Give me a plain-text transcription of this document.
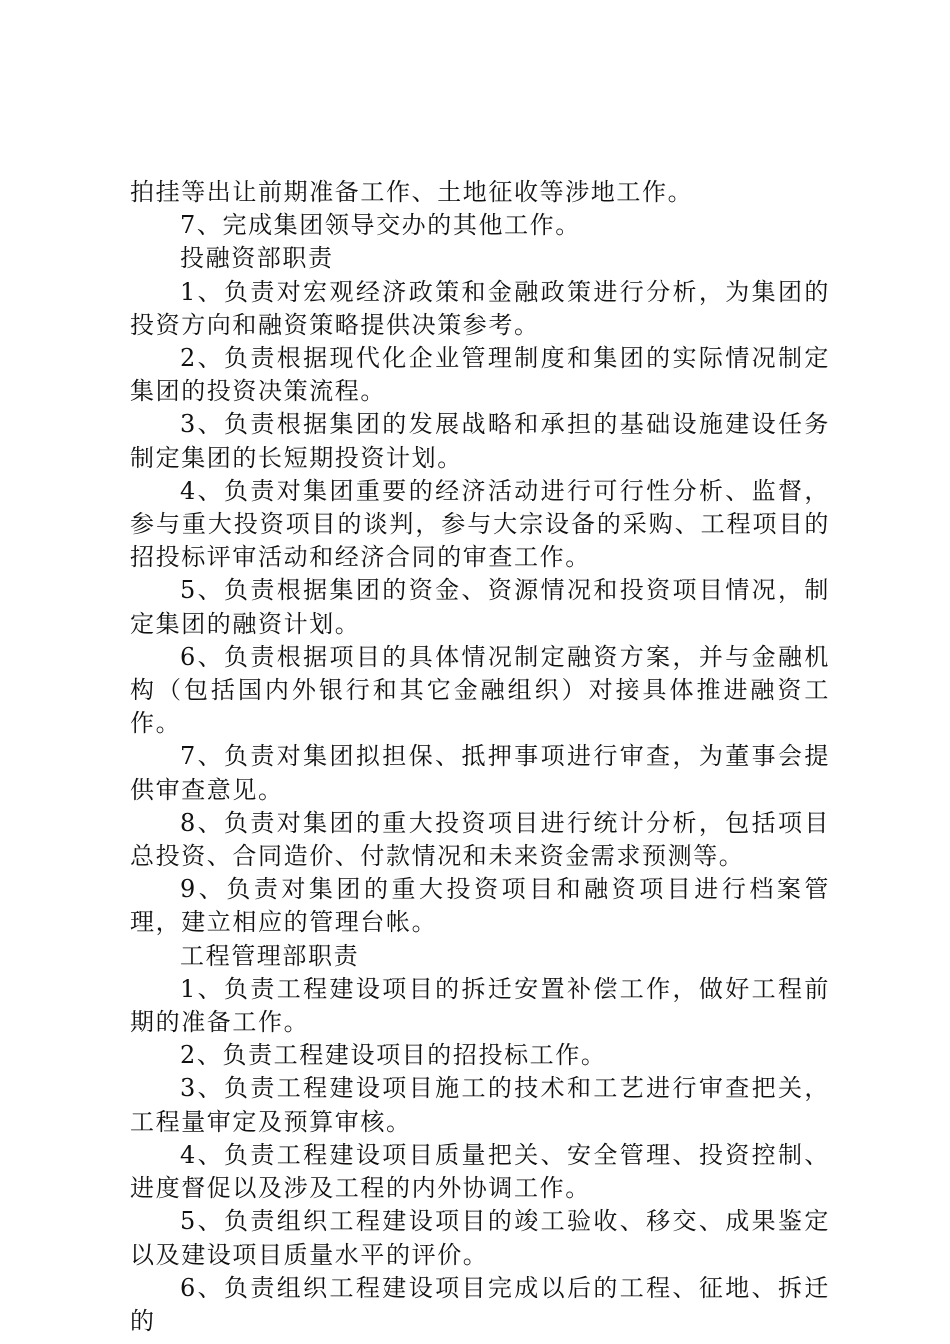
拍挂等出让前期准备工作、土地征收等涉地工作。

7、完成集团领导交办的其他工作。

投融资部职责

1、负责对宏观经济政策和金融政策进行分析，为集团的投资方向和融资策略提供决策参考。

2、负责根据现代化企业管理制度和集团的实际情况制定集团的投资决策流程。

3、负责根据集团的发展战略和承担的基础设施建设任务制定集团的长短期投资计划。

4、负责对集团重要的经济活动进行可行性分析、监督，参与重大投资项目的谈判，参与大宗设备的采购、工程项目的招投标评审活动和经济合同的审查工作。

5、负责根据集团的资金、资源情况和投资项目情况，制定集团的融资计划。

6、负责根据项目的具体情况制定融资方案，并与金融机构（包括国内外银行和其它金融组织）对接具体推进融资工作。

7、负责对集团拟担保、抵押事项进行审查，为董事会提供审查意见。

8、负责对集团的重大投资项目进行统计分析，包括项目总投资、合同造价、付款情况和未来资金需求预测等。

9、负责对集团的重大投资项目和融资项目进行档案管理，建立相应的管理台帐。

工程管理部职责

1、负责工程建设项目的拆迁安置补偿工作，做好工程前期的准备工作。

2、负责工程建设项目的招投标工作。

3、负责工程建设项目施工的技术和工艺进行审查把关，工程量审定及预算审核。

4、负责工程建设项目质量把关、安全管理、投资控制、进度督促以及涉及工程的内外协调工作。

5、负责组织工程建设项目的竣工验收、移交、成果鉴定以及建设项目质量水平的评价。

6、负责组织工程建设项目完成以后的工程、征地、拆迁的
